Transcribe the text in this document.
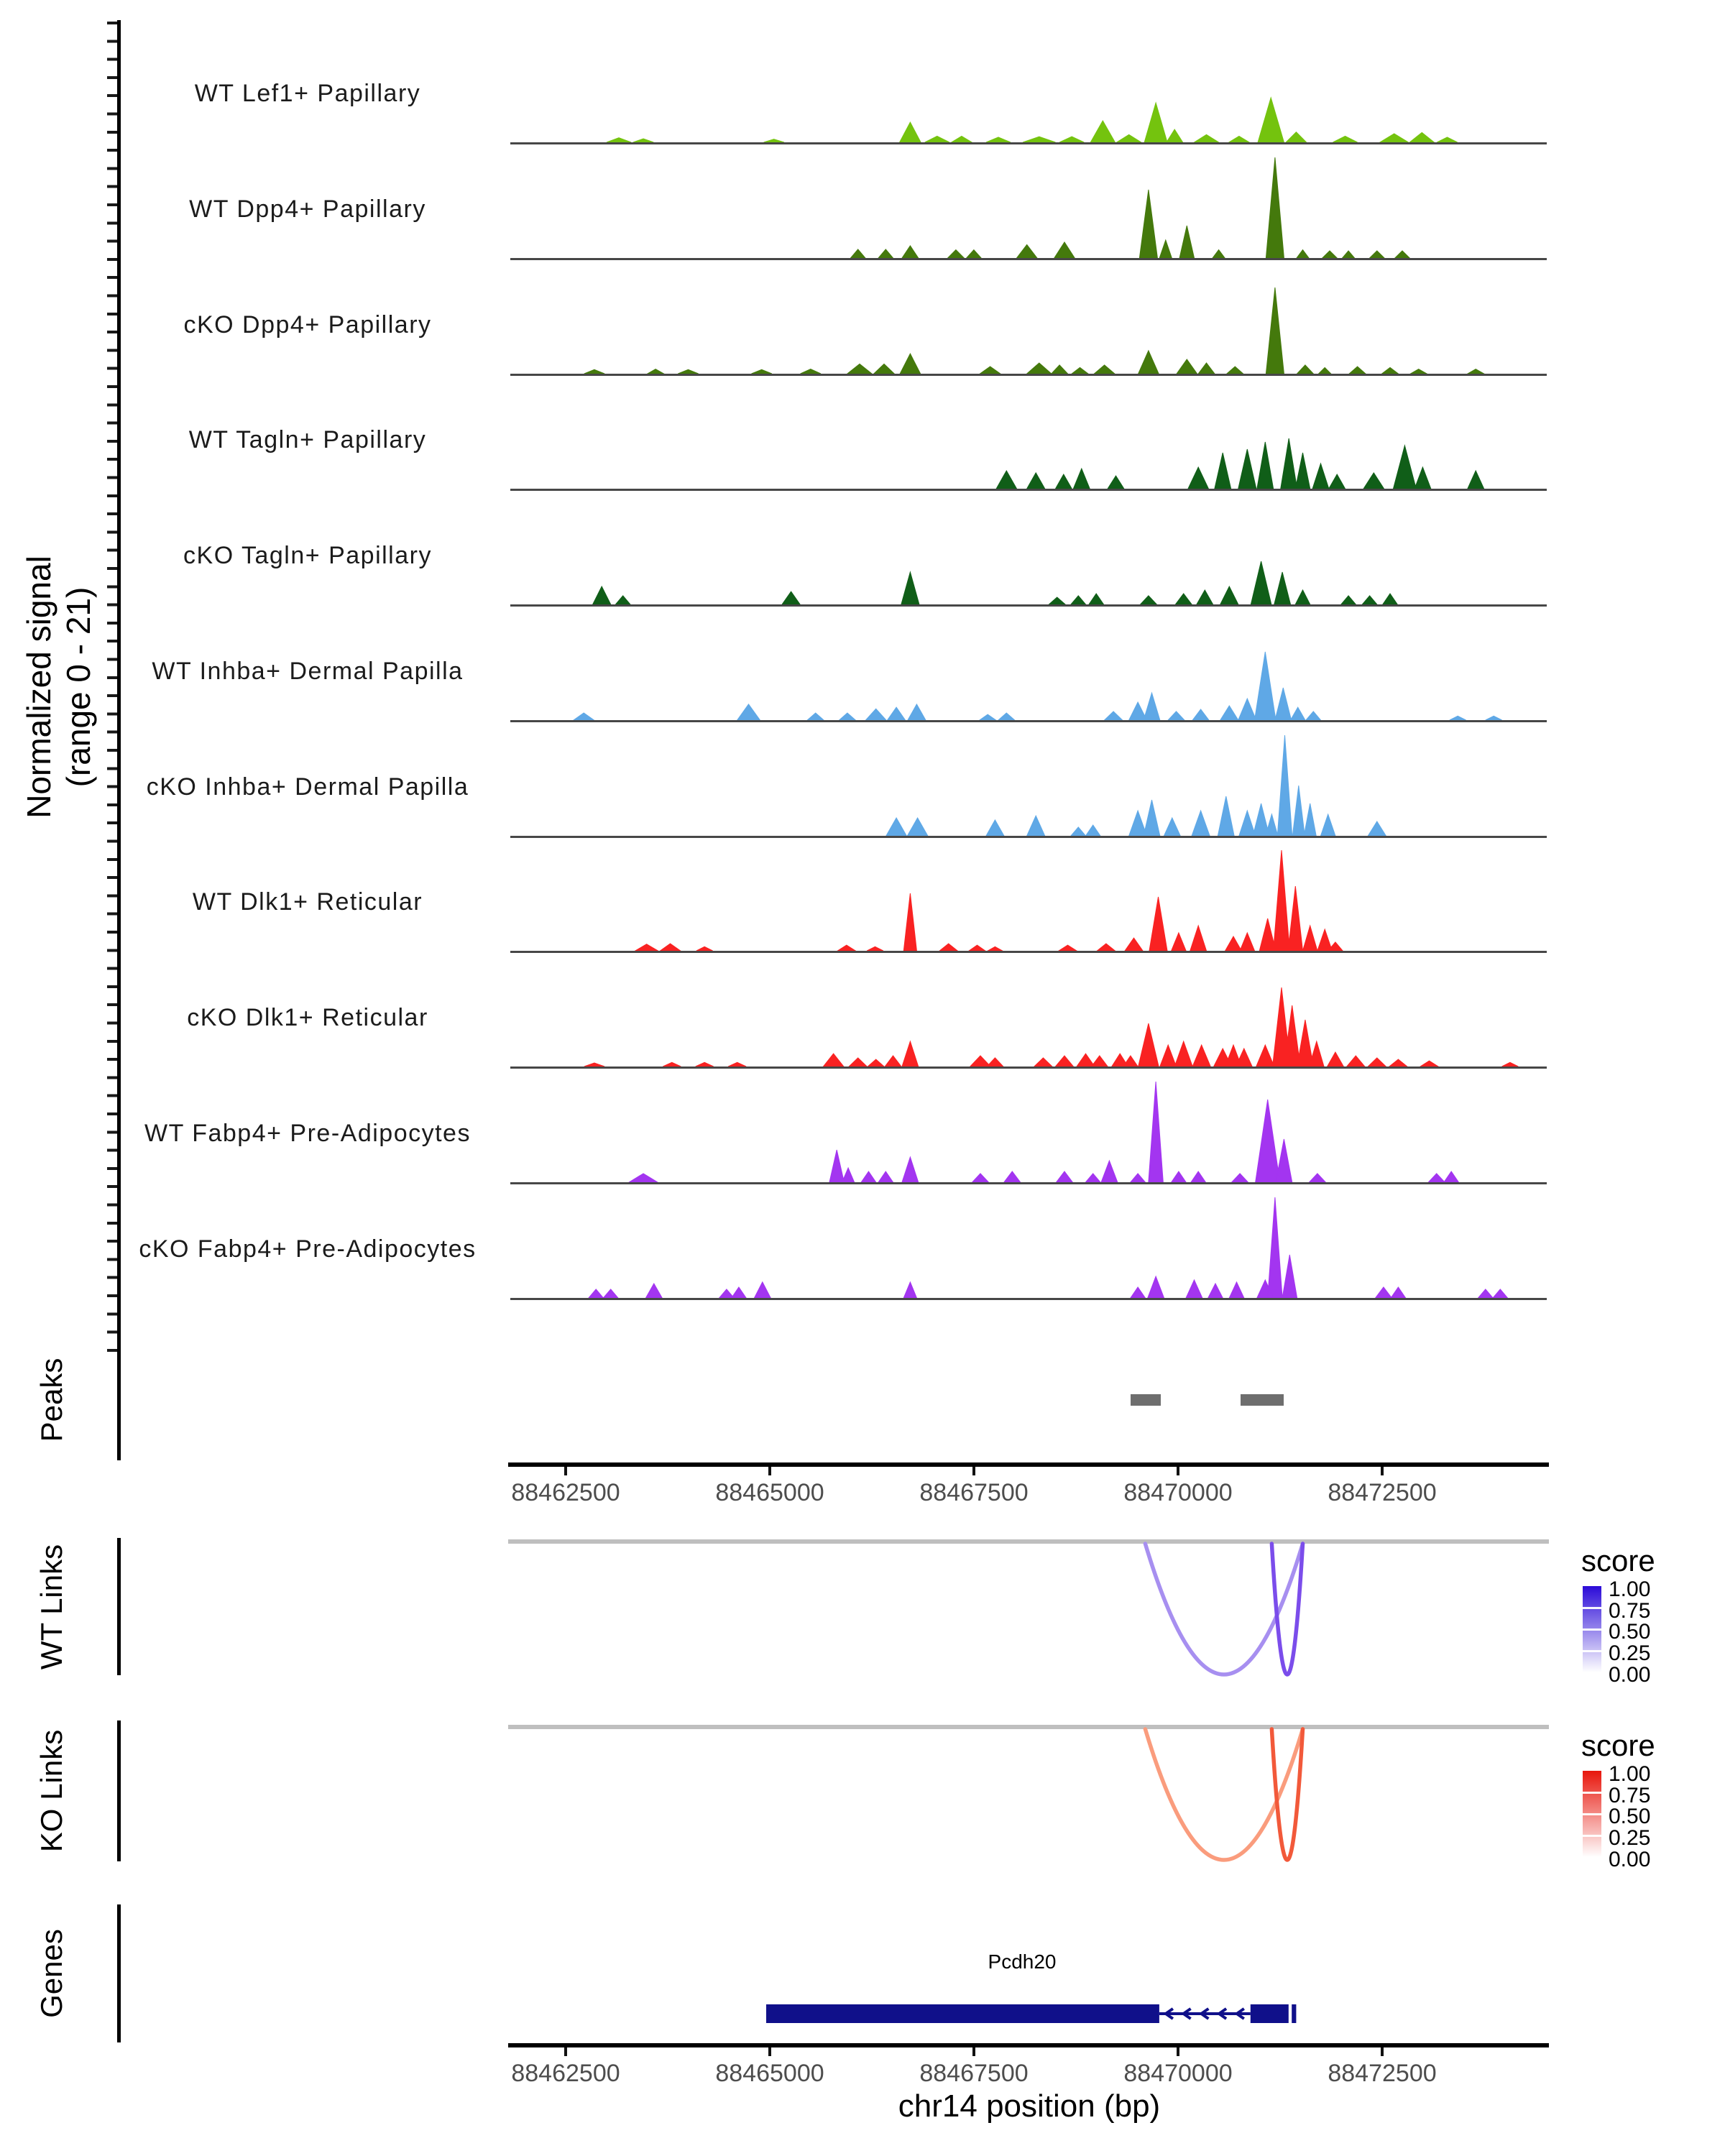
Normalized signal (range 0 - 21)
WT Lef1+ Papillary
WT Dpp4+ Papillary
cKO Dpp4+ Papillary
WT Tagln+ Papillary
cKO Tagln+ Papillary
WT Inhba+ Dermal Papilla
cKO Inhba+ Dermal Papilla
WT Dlk1+ Reticular
cKO Dlk1+ Reticular
WT Fabp4+ Pre-Adipocytes
cKO Fabp4+ Pre-Adipocytes
Peaks
88462500	88465000	88467500	88470000	88472500
WT Links	score
1.00
0.75
0.50
0.25
0.00
KO Links	score
1.00
0.75
0.50
0.25
0.00
Genes	Pcdh20
88462500	88465000	88467500	88470000	88472500
chr14 position (bp)
